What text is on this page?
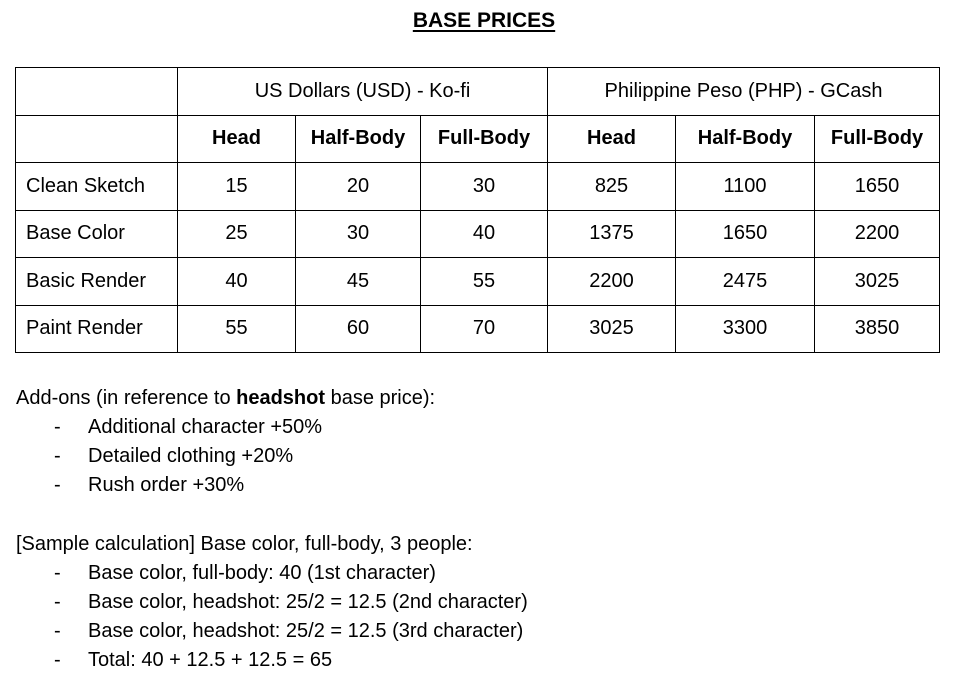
BASE PRICES
	US Dollars (USD) - Ko-fi			Philippine Peso (PHP) - GCash		
	Head	Half-Body	Full-Body	Head	Half-Body	Full-Body
Clean Sketch	15	20	30	825	1100	1650
Base Color	25	30	40	1375	1650	2200
Basic Render	40	45	55	2200	2475	3025
Paint Render	55	60	70	3025	3300	3850
Add-ons (in reference to headshot base price):
-	Additional character +50%
-	Detailed clothing +20%
-	Rush order +30%
[Sample calculation] Base color, full-body, 3 people:
-	Base color, full-body: 40 (1st character)
-	Base color, headshot: 25/2 = 12.5 (2nd character)
-	Base color, headshot: 25/2 = 12.5 (3rd character)
-	Total: 40 + 12.5 + 12.5 = 65
